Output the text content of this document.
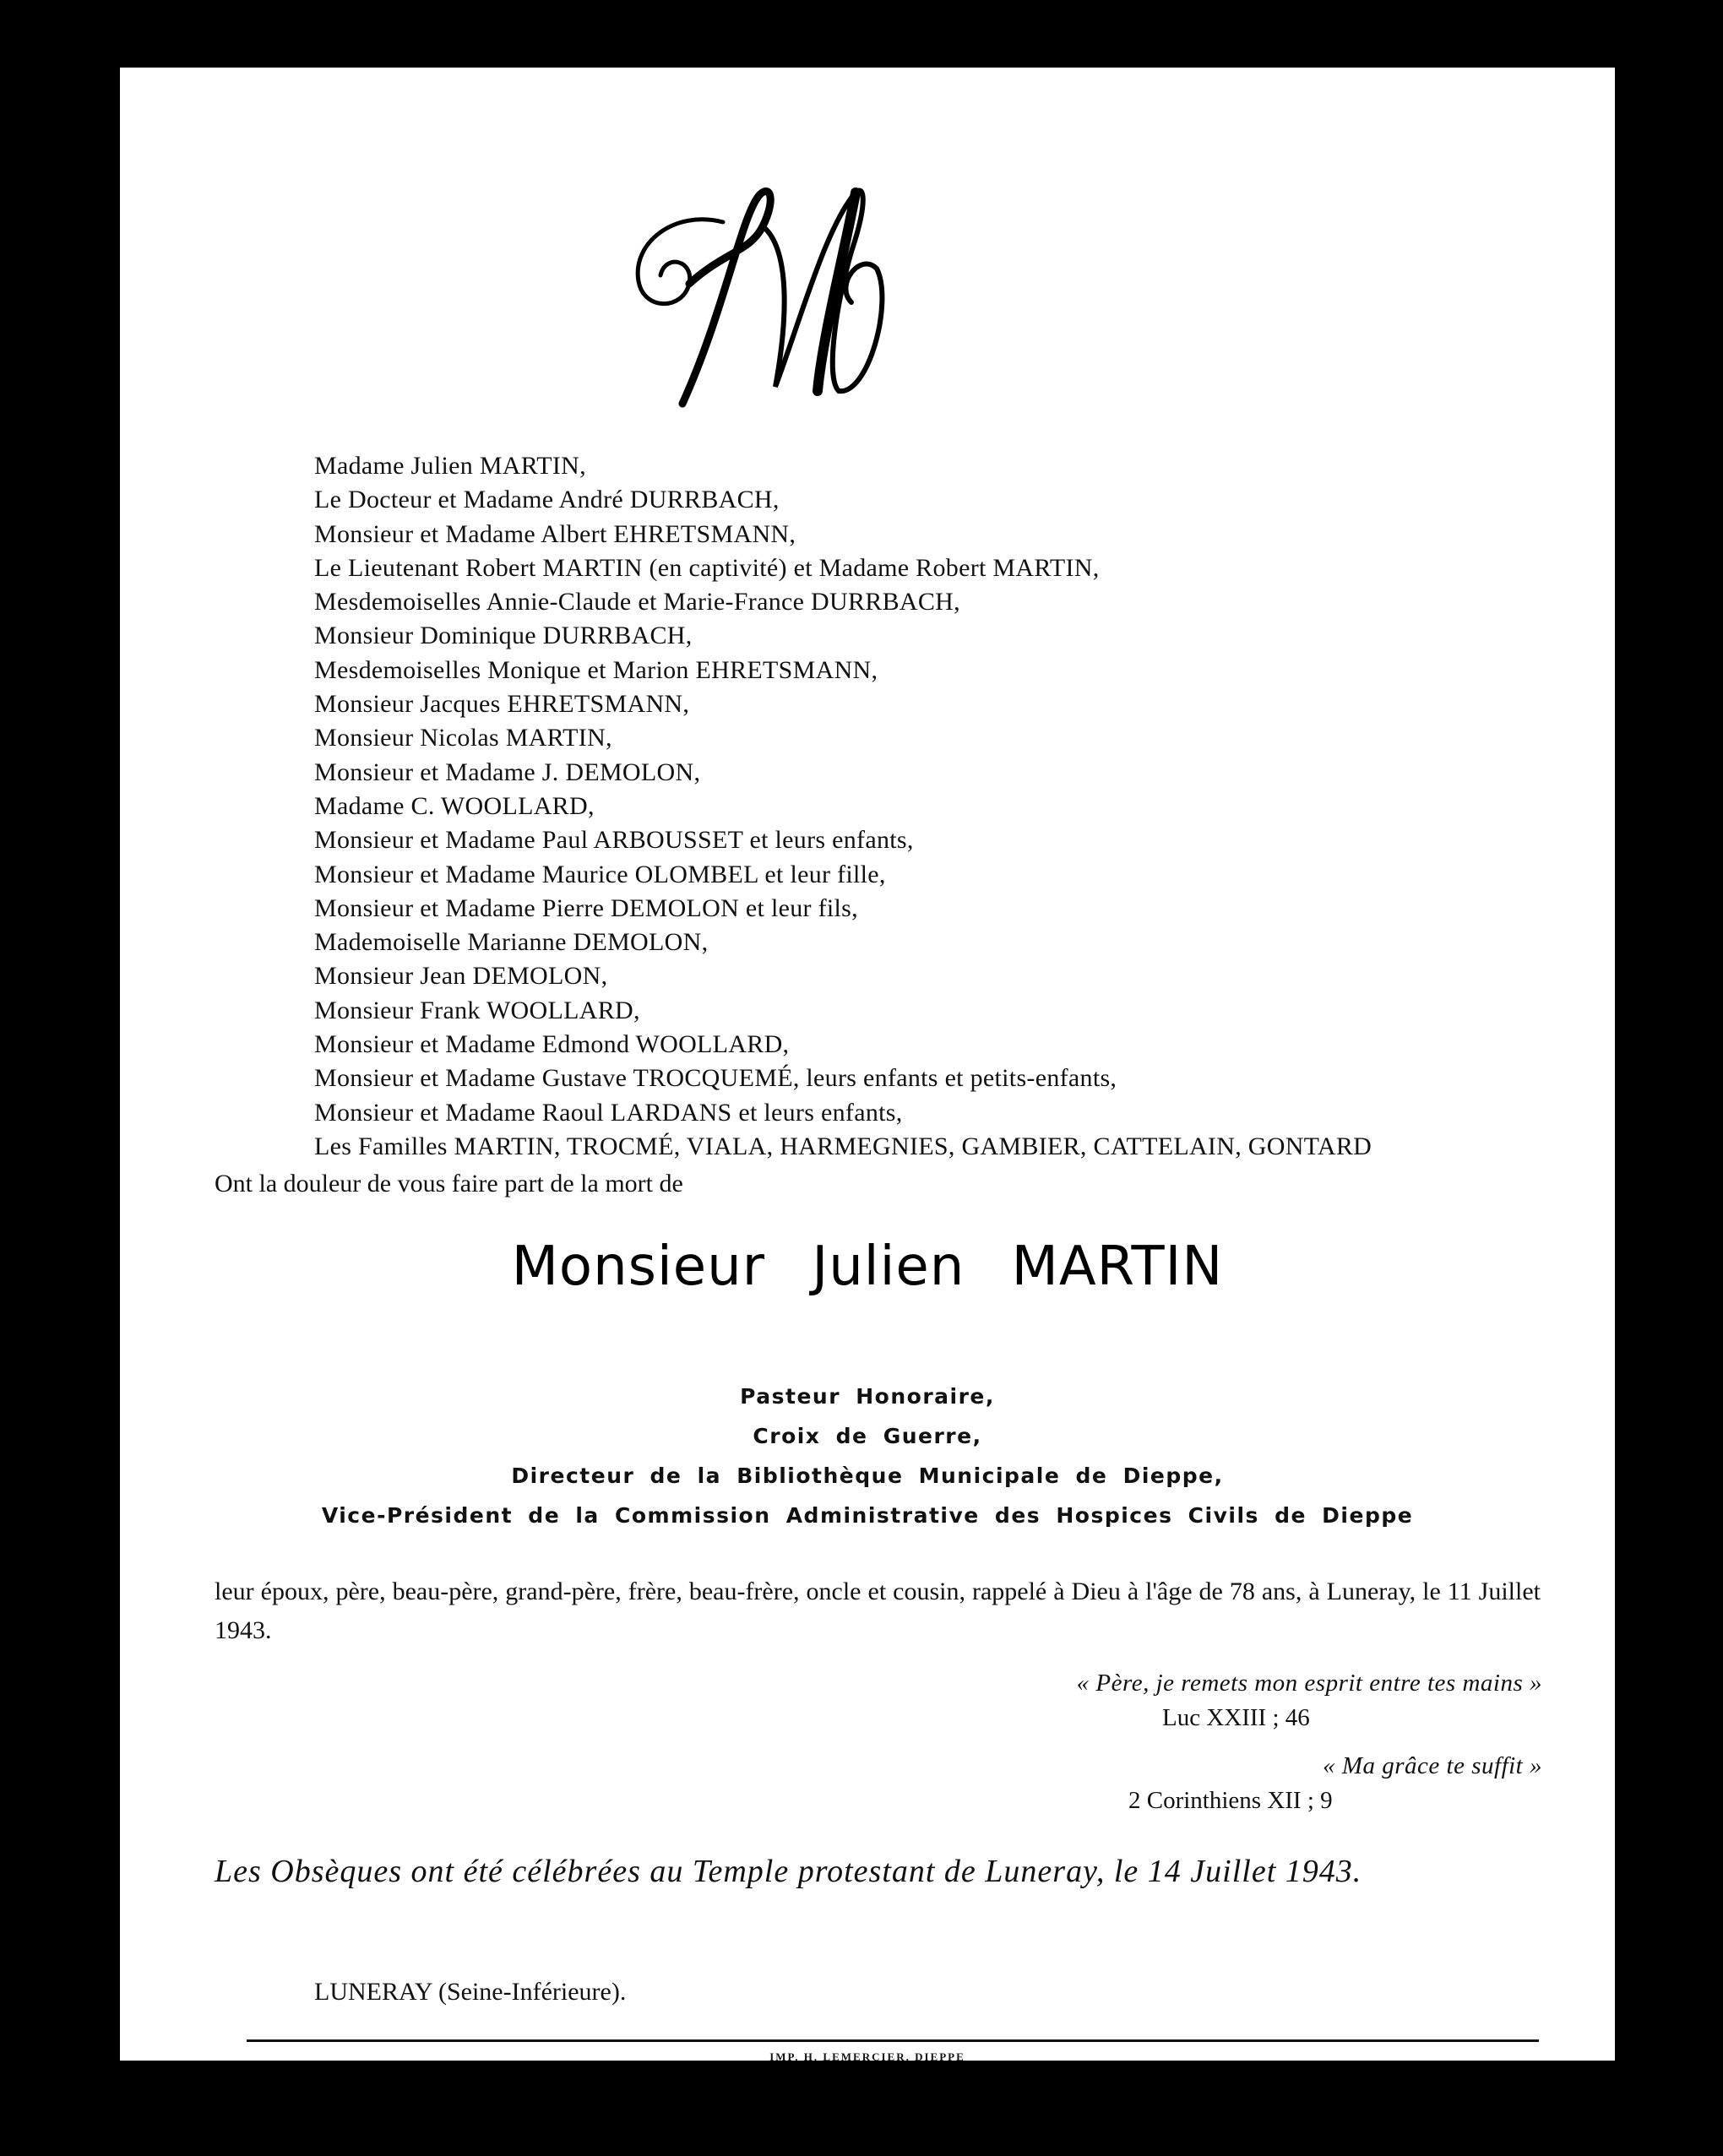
Madame Julien MARTIN,
Le Docteur et Madame André DURRBACH,
Monsieur et Madame Albert EHRETSMANN,
Le Lieutenant Robert MARTIN (en captivité) et Madame Robert MARTIN,
Mesdemoiselles Annie-Claude et Marie-France DURRBACH,
Monsieur Dominique DURRBACH,
Mesdemoiselles Monique et Marion EHRETSMANN,
Monsieur Jacques EHRETSMANN,
Monsieur Nicolas MARTIN,
Monsieur et Madame J. DEMOLON,
Madame C. WOOLLARD,
Monsieur et Madame Paul ARBOUSSET et leurs enfants,
Monsieur et Madame Maurice OLOMBEL et leur fille,
Monsieur et Madame Pierre DEMOLON et leur fils,
Mademoiselle Marianne DEMOLON,
Monsieur Jean DEMOLON,
Monsieur Frank WOOLLARD,
Monsieur et Madame Edmond WOOLLARD,
Monsieur et Madame Gustave TROCQUEMÉ, leurs enfants et petits-enfants,
Monsieur et Madame Raoul LARDANS et leurs enfants,
Les Familles MARTIN, TROCMÉ, VIALA, HARMEGNIES, GAMBIER, CATTELAIN, GONTARD
Ont la douleur de vous faire part de la mort de
Monsieur Julien MARTIN
Pasteur Honoraire,
Croix de Guerre,
Directeur de la Bibliothèque Municipale de Dieppe,
Vice-Président de la Commission Administrative des Hospices Civils de Dieppe
leur époux, père, beau-père, grand-père, frère, beau-frère, oncle et cousin, rappelé à Dieu à l'âge de 78 ans, à Luneray, le 11 Juillet 1943.
« Père, je remets mon esprit entre tes mains »
Luc XXIII ; 46
« Ma grâce te suffit »
2 Corinthiens XII ; 9
Les Obsèques ont été célébrées au Temple protestant de Luneray, le 14 Juillet 1943.
LUNERAY (Seine-Inférieure).
IMP. H. LEMERCIER, DIEPPE
